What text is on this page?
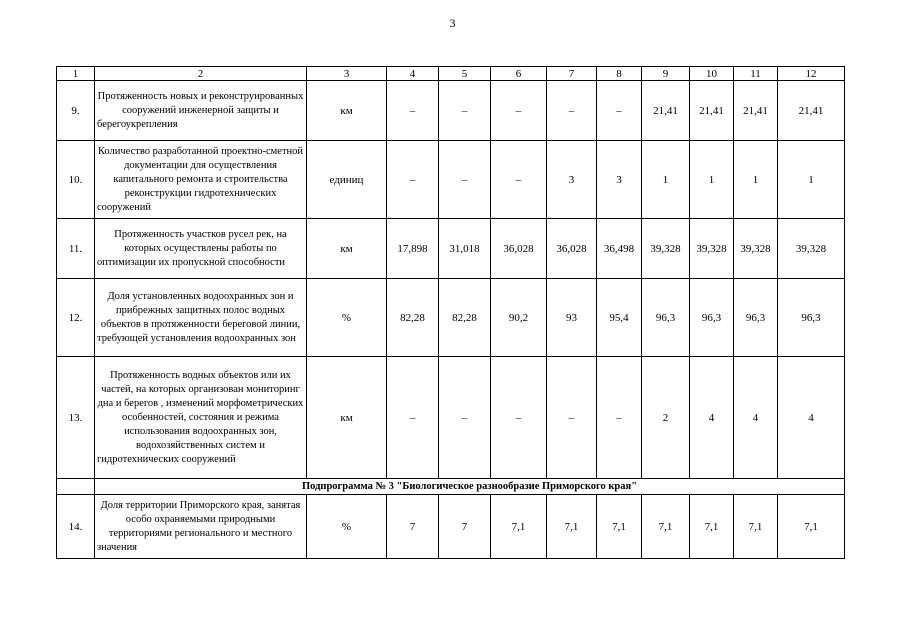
3
1	2	3	4	5	6	7	8	9	10	11	12
9.	Протяженность новых и реконструированных сооружений инженерной защиты и берегоукрепления	км	–	–	–	–	–	21,41	21,41	21,41	21,41
10.	Количество разработанной проектно-сметной документации для осуществления капитального ремонта и строительства реконструкции гидротехнических сооружений	единиц	–	–	–	3	3	1	1	1	1
11.	Протяженность участков русел рек, на которых осуществлены работы по оптимизации их пропускной способности	км	17,898	31,018	36,028	36,028	36,498	39,328	39,328	39,328	39,328
12.	Доля установленных водоохранных зон и прибрежных защитных полос водных объектов в протяженности береговой линии, требующей установления водоохранных зон	%	82,28	82,28	90,2	93	95,4	96,3	96,3	96,3	96,3
13.	Протяженность водных объектов или их частей, на которых организован мониторинг дна и берегов , изменений морфометрических особенностей, состояния и режима использования водоохранных зон, водохозяйственных систем и гидротехнических сооружений	км	–	–	–	–	–	2	4	4	4
	Подпрограмма № 3 "Биологическое разнообразие Приморского края"										
14.	Доля территории Приморского края, занятая особо охраняемыми природными территориями регионального и местного значения	%	7	7	7,1	7,1	7,1	7,1	7,1	7,1	7,1
